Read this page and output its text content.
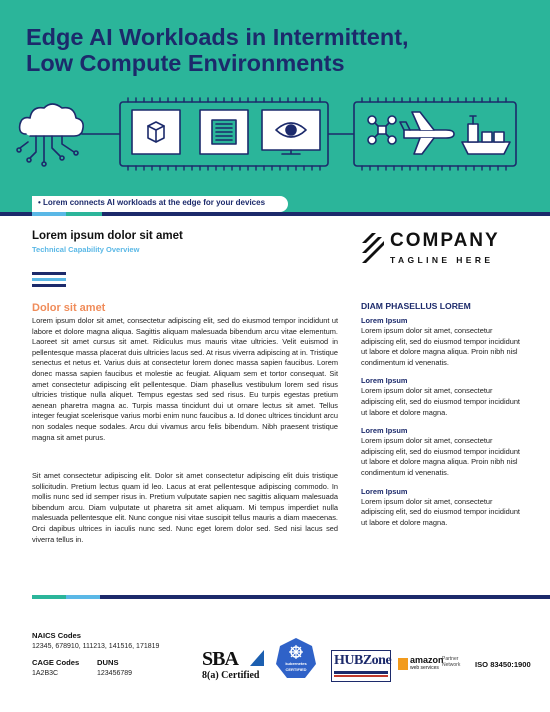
Edge AI Workloads in Intermittent,
Low Compute Environments
• Lorem connects AI workloads at the edge for your devices
Lorem ipsum dolor sit amet
Technical Capability Overview	COMPANY
TAGLINE HERE
Dolor sit amet

Lorem ipsum dolor sit amet, consectetur adipiscing elit, sed do eiusmod tempor incididunt ut labore et dolore magna aliqua. Sagittis aliquam malesuada bibendum arcu vitae elementum. Laoreet sit amet cursus sit amet. Ridiculus mus mauris vitae ultricies. Velit euismod in pellentesque massa placerat duis ultricies lacus sed. At risus viverra adipiscing at in. Tristique senectus et netus et. Varius duis at consectetur lorem donec massa sapien faucibus. Lorem donec massa sapien faucibus et molestie ac feugiat. Aliquam sem et tortor consequat. Sit amet consectetur adipiscing elit pellentesque. Diam phasellus vestibulum lorem sed risus ultricies tristique nulla aliquet. Tempus egestas sed sed risus. Eu turpis egestas pretium aenean pharetra magna ac. Turpis massa tincidunt dui ut ornare lectus sit amet. Tellus integer feugiat scelerisque varius morbi enim nunc faucibus a. Id donec ultrices tincidunt arcu non sodales neque sodales. Arcu dui vivamus arcu felis bibendum. Nibh praesent tristique magna sit amet purus.

Sit amet consectetur adipiscing elit. Dolor sit amet consectetur adipiscing elit duis tristique sollicitudin. Pretium lectus quam id leo. Lacus at erat pellentesque adipiscing commodo. In mollis nunc sed id semper risus in. Pretium vulputate sapien nec sagittis aliquam malesuada bibendum arcu. Diam vulputate ut pharetra sit amet aliquam. Mi tempus imperdiet nulla malesuada pellentesque elit. Nunc congue nisi vitae suscipit tellus mauris a diam maecenas. Orci dapibus ultrices in iaculis nunc sed. Nunc eget lorem dolor sed. Sed nisi lacus sed viverra tellus in.

DIAM PHASELLUS LOREM
Lorem Ipsum
Lorem ipsum dolor sit amet, consectetur adipiscing elit, sed do eiusmod tempor incididunt ut labore et dolore magna aliqua. Proin nibh nisl condimentum id venenatis.
Lorem Ipsum
Lorem ipsum dolor sit amet, consectetur adipiscing elit, sed do eiusmod tempor incididunt ut labore et dolore magna.
Lorem Ipsum
Lorem ipsum dolor sit amet, consectetur adipiscing elit, sed do eiusmod tempor incididunt ut labore et dolore magna aliqua. Proin nibh nisl condimentum id venenatis.
Lorem Ipsum
Lorem ipsum dolor sit amet, consectetur adipiscing elit, sed do eiusmod tempor incididunt ut labore et dolore magna.
NAICS Codes
12345, 678910, 111213, 141516, 171819
CAGE Codes
1A2B3C
DUNS
123456789
SBA
8(a) Certified
kubernetes
CERTIFIED
HUBZone amazon
web services
Partner Network	ISO 83450:1900
